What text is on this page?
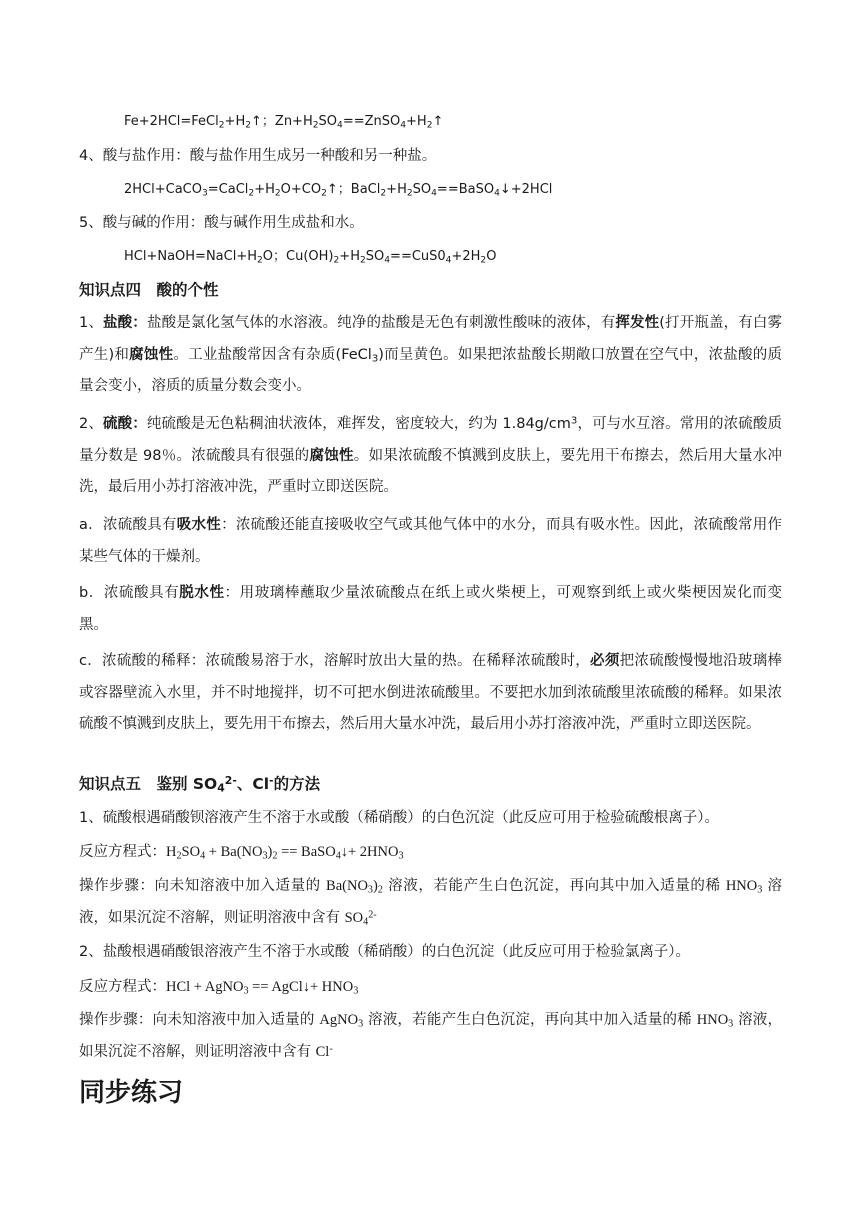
$Fe+2HCl=FeCl_2+H_2↑$；$Zn+H_2SO_4==ZnSO_4+H_2↑$
4、酸与盐作用：酸与盐作用生成另一种酸和另一种盐。
$2HCl+CaCO_3=CaCl_2+H_2O+CO_2↑$；$BaCl_2+H_2SO_4==BaSO_4↓+2HCl$
5、酸与碱的作用：酸与碱作用生成盐和水。
$HCl+NaOH=NaCl+H_2O$；$Cu(OH)_2+H_2SO_4==CuS0_4+2H_2O$
知识点四　酸的个性
1、盐酸：盐酸是氯化氢气体的水溶液。纯净的盐酸是无色有刺激性酸味的液体，有挥发性(打开瓶盖，有白雾产生)和腐蚀性。工业盐酸常因含有杂质(FeCl$_3$)而呈黄色。如果把浓盐酸长期敞口放置在空气中，浓盐酸的质量会变小，溶质的质量分数会变小。
2、硫酸：纯硫酸是无色粘稠油状液体，难挥发，密度较大，约为 $1.84g/cm^3$，可与水互溶。常用的浓硫酸质量分数是 98％。浓硫酸具有很强的腐蚀性。如果浓硫酸不慎溅到皮肤上，要先用干布擦去，然后用大量水冲洗，最后用小苏打溶液冲洗，严重时立即送医院。
a．浓硫酸具有吸水性：浓硫酸还能直接吸收空气或其他气体中的水分，而具有吸水性。因此，浓硫酸常用作某些气体的干燥剂。
b．浓硫酸具有脱水性：用玻璃棒蘸取少量浓硫酸点在纸上或火柴梗上，可观察到纸上或火柴梗因炭化而变黑。
c．浓硫酸的稀释：浓硫酸易溶于水，溶解时放出大量的热。在稀释浓硫酸时，必须把浓硫酸慢慢地沿玻璃棒或容器壁流入水里，并不时地搅拌，切不可把水倒进浓硫酸里。不要把水加到浓硫酸里浓硫酸的稀释。如果浓硫酸不慎溅到皮肤上，要先用干布擦去，然后用大量水冲洗，最后用小苏打溶液冲洗，严重时立即送医院。
知识点五　鉴别 $SO_4^{2-}$、Cl-的方法
1、硫酸根遇硝酸钡溶液产生不溶于水或酸（稀硝酸）的白色沉淀（此反应可用于检验硫酸根离子）。
反应方程式：$H_2SO_4 + Ba(NO_3)_2$ == BaSO$_4$↓+ $2HNO_3$
操作步骤：向未知溶液中加入适量的 $Ba(NO_3)_2$ 溶液，若能产生白色沉淀，再向其中加入适量的稀 $HNO_3$ 溶液，如果沉淀不溶解，则证明溶液中含有 $SO_4^{2-}$
2、盐酸根遇硝酸银溶液产生不溶于水或酸（稀硝酸）的白色沉淀（此反应可用于检验氯离子）。
反应方程式：HCl + AgNO$_3$ == AgCl↓+ $HNO_3$
操作步骤：向未知溶液中加入适量的 AgNO$_3$ 溶液，若能产生白色沉淀，再向其中加入适量的稀 $HNO_3$ 溶液，如果沉淀不溶解，则证明溶液中含有 Cl-
同步练习
